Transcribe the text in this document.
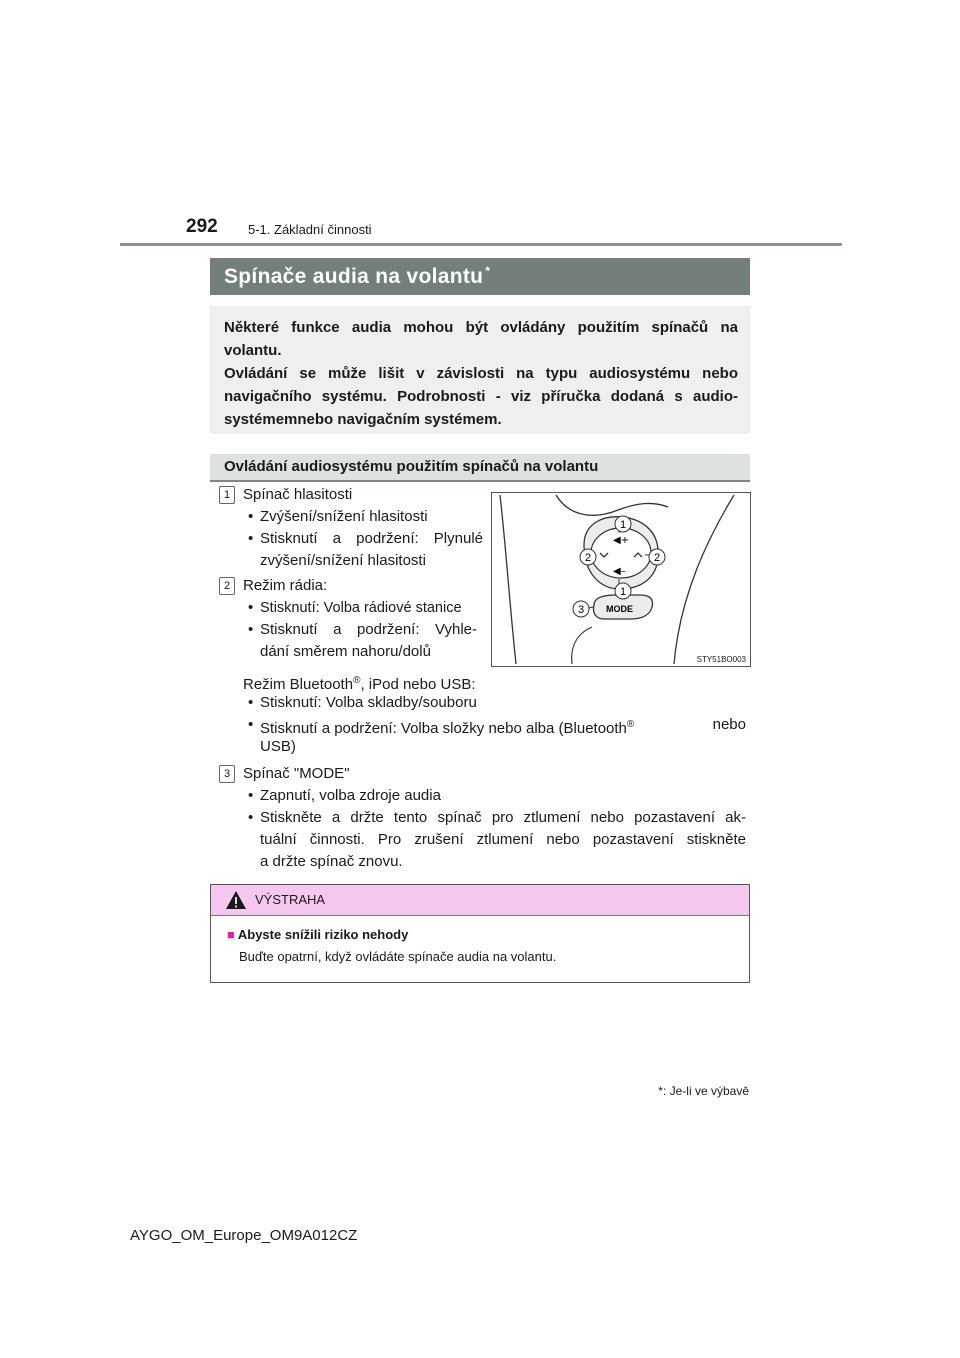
292 5-1. Základní činnosti
Spínače audia na volantu *
Některé funkce audia mohou být ovládány použitím spínačů na
volantu.
Ovládání se může lišit v závislosti na typu audiosystému nebo
navigačního systému. Podrobnosti - viz příručka dodaná s audio-
systémemnebo navigačním systémem.
Ovládání audiosystému použitím spínačů na volantu
1 Spínač hlasitosti
• Zvýšení/snížení hlasitosti
• Stisknutí a podržení: Plynulé
zvýšení/snížení hlasitosti
2 Režim rádia:
• Stisknutí: Volba rádiové stanice
• Stisknutí a podržení: Vyhle-
dání směrem nahoru/dolů
Režim Bluetooth®, iPod nebo USB:
• Stisknutí: Volba skladby/souboru
• Stisknutí a podržení: Volba složky nebo alba (Bluetooth®	nebo
USB)
3 Spínač "MODE"
• Zapnutí, volba zdroje audia
• Stiskněte a držte tento spínač pro ztlumení nebo pozastavení ak-
tuální činnosti. Pro zrušení ztlumení nebo pozastavení stiskněte
a držte spínač znovu.
◀+
◀–
MODE
1
2	2
1
3
STY51BO003
VÝSTRAHA
■ Abyste snížili riziko nehody
Buďte opatrní, když ovládáte spínače audia na volantu.
*: Je-li ve výbavě
AYGO_OM_Europe_OM9A012CZ
